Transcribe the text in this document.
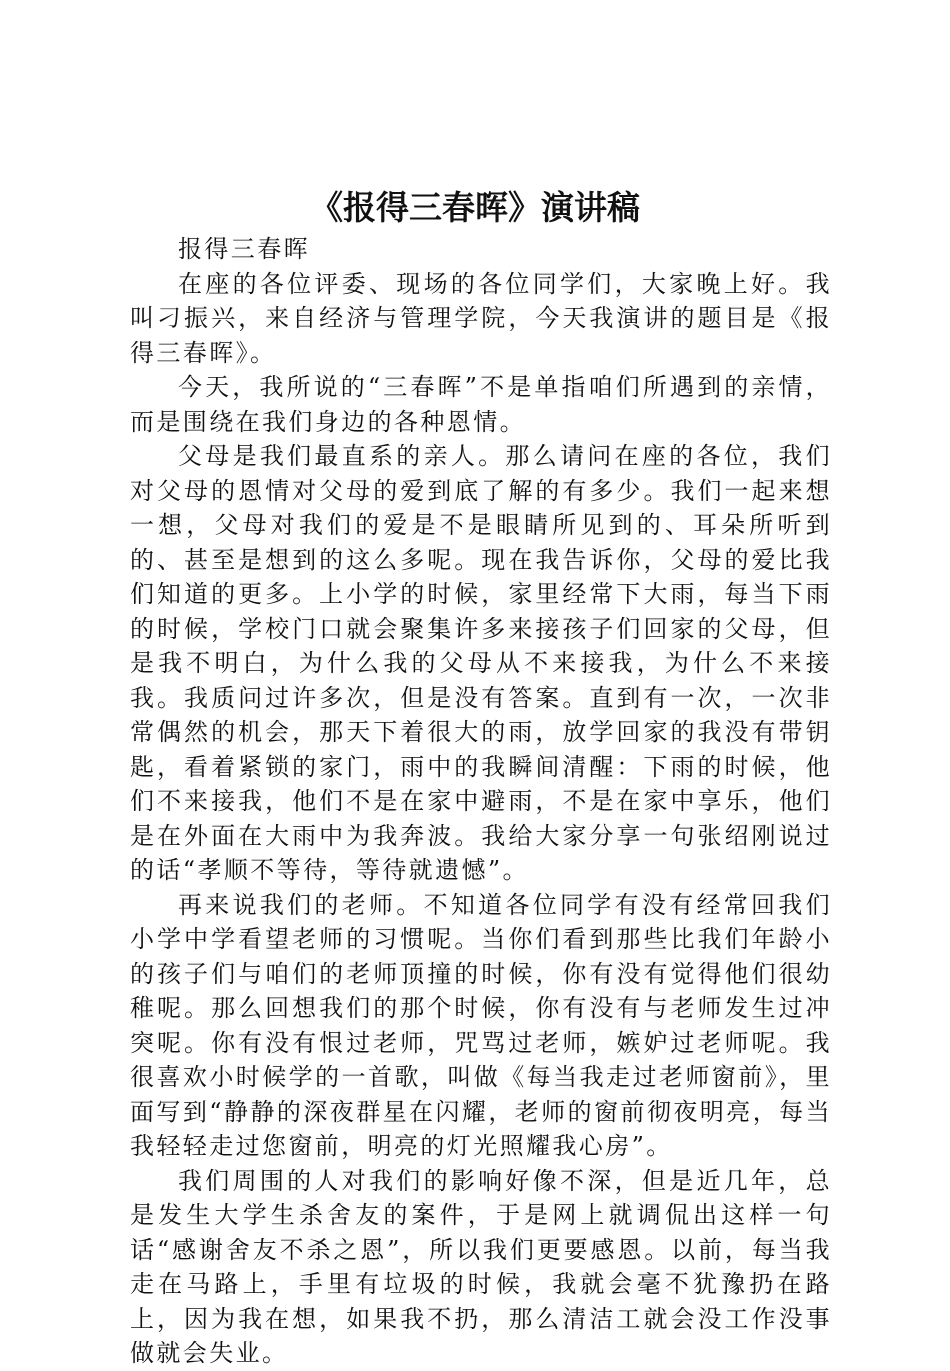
《报得三春晖》演讲稿

报得三春晖

在座的各位评委、现场的各位同学们，大家晚上好。我叫刁振兴，来自经济与管理学院，今天我演讲的题目是《报得三春晖》。

今天，我所说的“三春晖”不是单指咱们所遇到的亲情，而是围绕在我们身边的各种恩情。

父母是我们最直系的亲人。那么请问在座的各位，我们对父母的恩情对父母的爱到底了解的有多少。我们一起来想一想，父母对我们的爱是不是眼睛所见到的、耳朵所听到的、甚至是想到的这么多呢。现在我告诉你，父母的爱比我们知道的更多。上小学的时候，家里经常下大雨，每当下雨的时候，学校门口就会聚集许多来接孩子们回家的父母，但是我不明白，为什么我的父母从不来接我，为什么不来接我。我质问过许多次，但是没有答案。直到有一次，一次非常偶然的机会，那天下着很大的雨，放学回家的我没有带钥匙，看着紧锁的家门，雨中的我瞬间清醒：下雨的时候，他们不来接我，他们不是在家中避雨，不是在家中享乐，他们是在外面在大雨中为我奔波。我给大家分享一句张绍刚说过的话“孝顺不等待，等待就遗憾”。

再来说我们的老师。不知道各位同学有没有经常回我们小学中学看望老师的习惯呢。当你们看到那些比我们年龄小的孩子们与咱们的老师顶撞的时候，你有没有觉得他们很幼稚呢。那么回想我们的那个时候，你有没有与老师发生过冲突呢。你有没有恨过老师，咒骂过老师，嫉妒过老师呢。我很喜欢小时候学的一首歌，叫做《每当我走过老师窗前》，里面写到“静静的深夜群星在闪耀，老师的窗前彻夜明亮，每当我轻轻走过您窗前，明亮的灯光照耀我心房”。

我们周围的人对我们的影响好像不深，但是近几年，总是发生大学生杀舍友的案件，于是网上就调侃出这样一句话“感谢舍友不杀之恩”，所以我们更要感恩。以前，每当我走在马路上，手里有垃圾的时候，我就会毫不犹豫扔在路上，因为我在想，如果我不扔，那么清洁工就会没工作没事做就会失业。
